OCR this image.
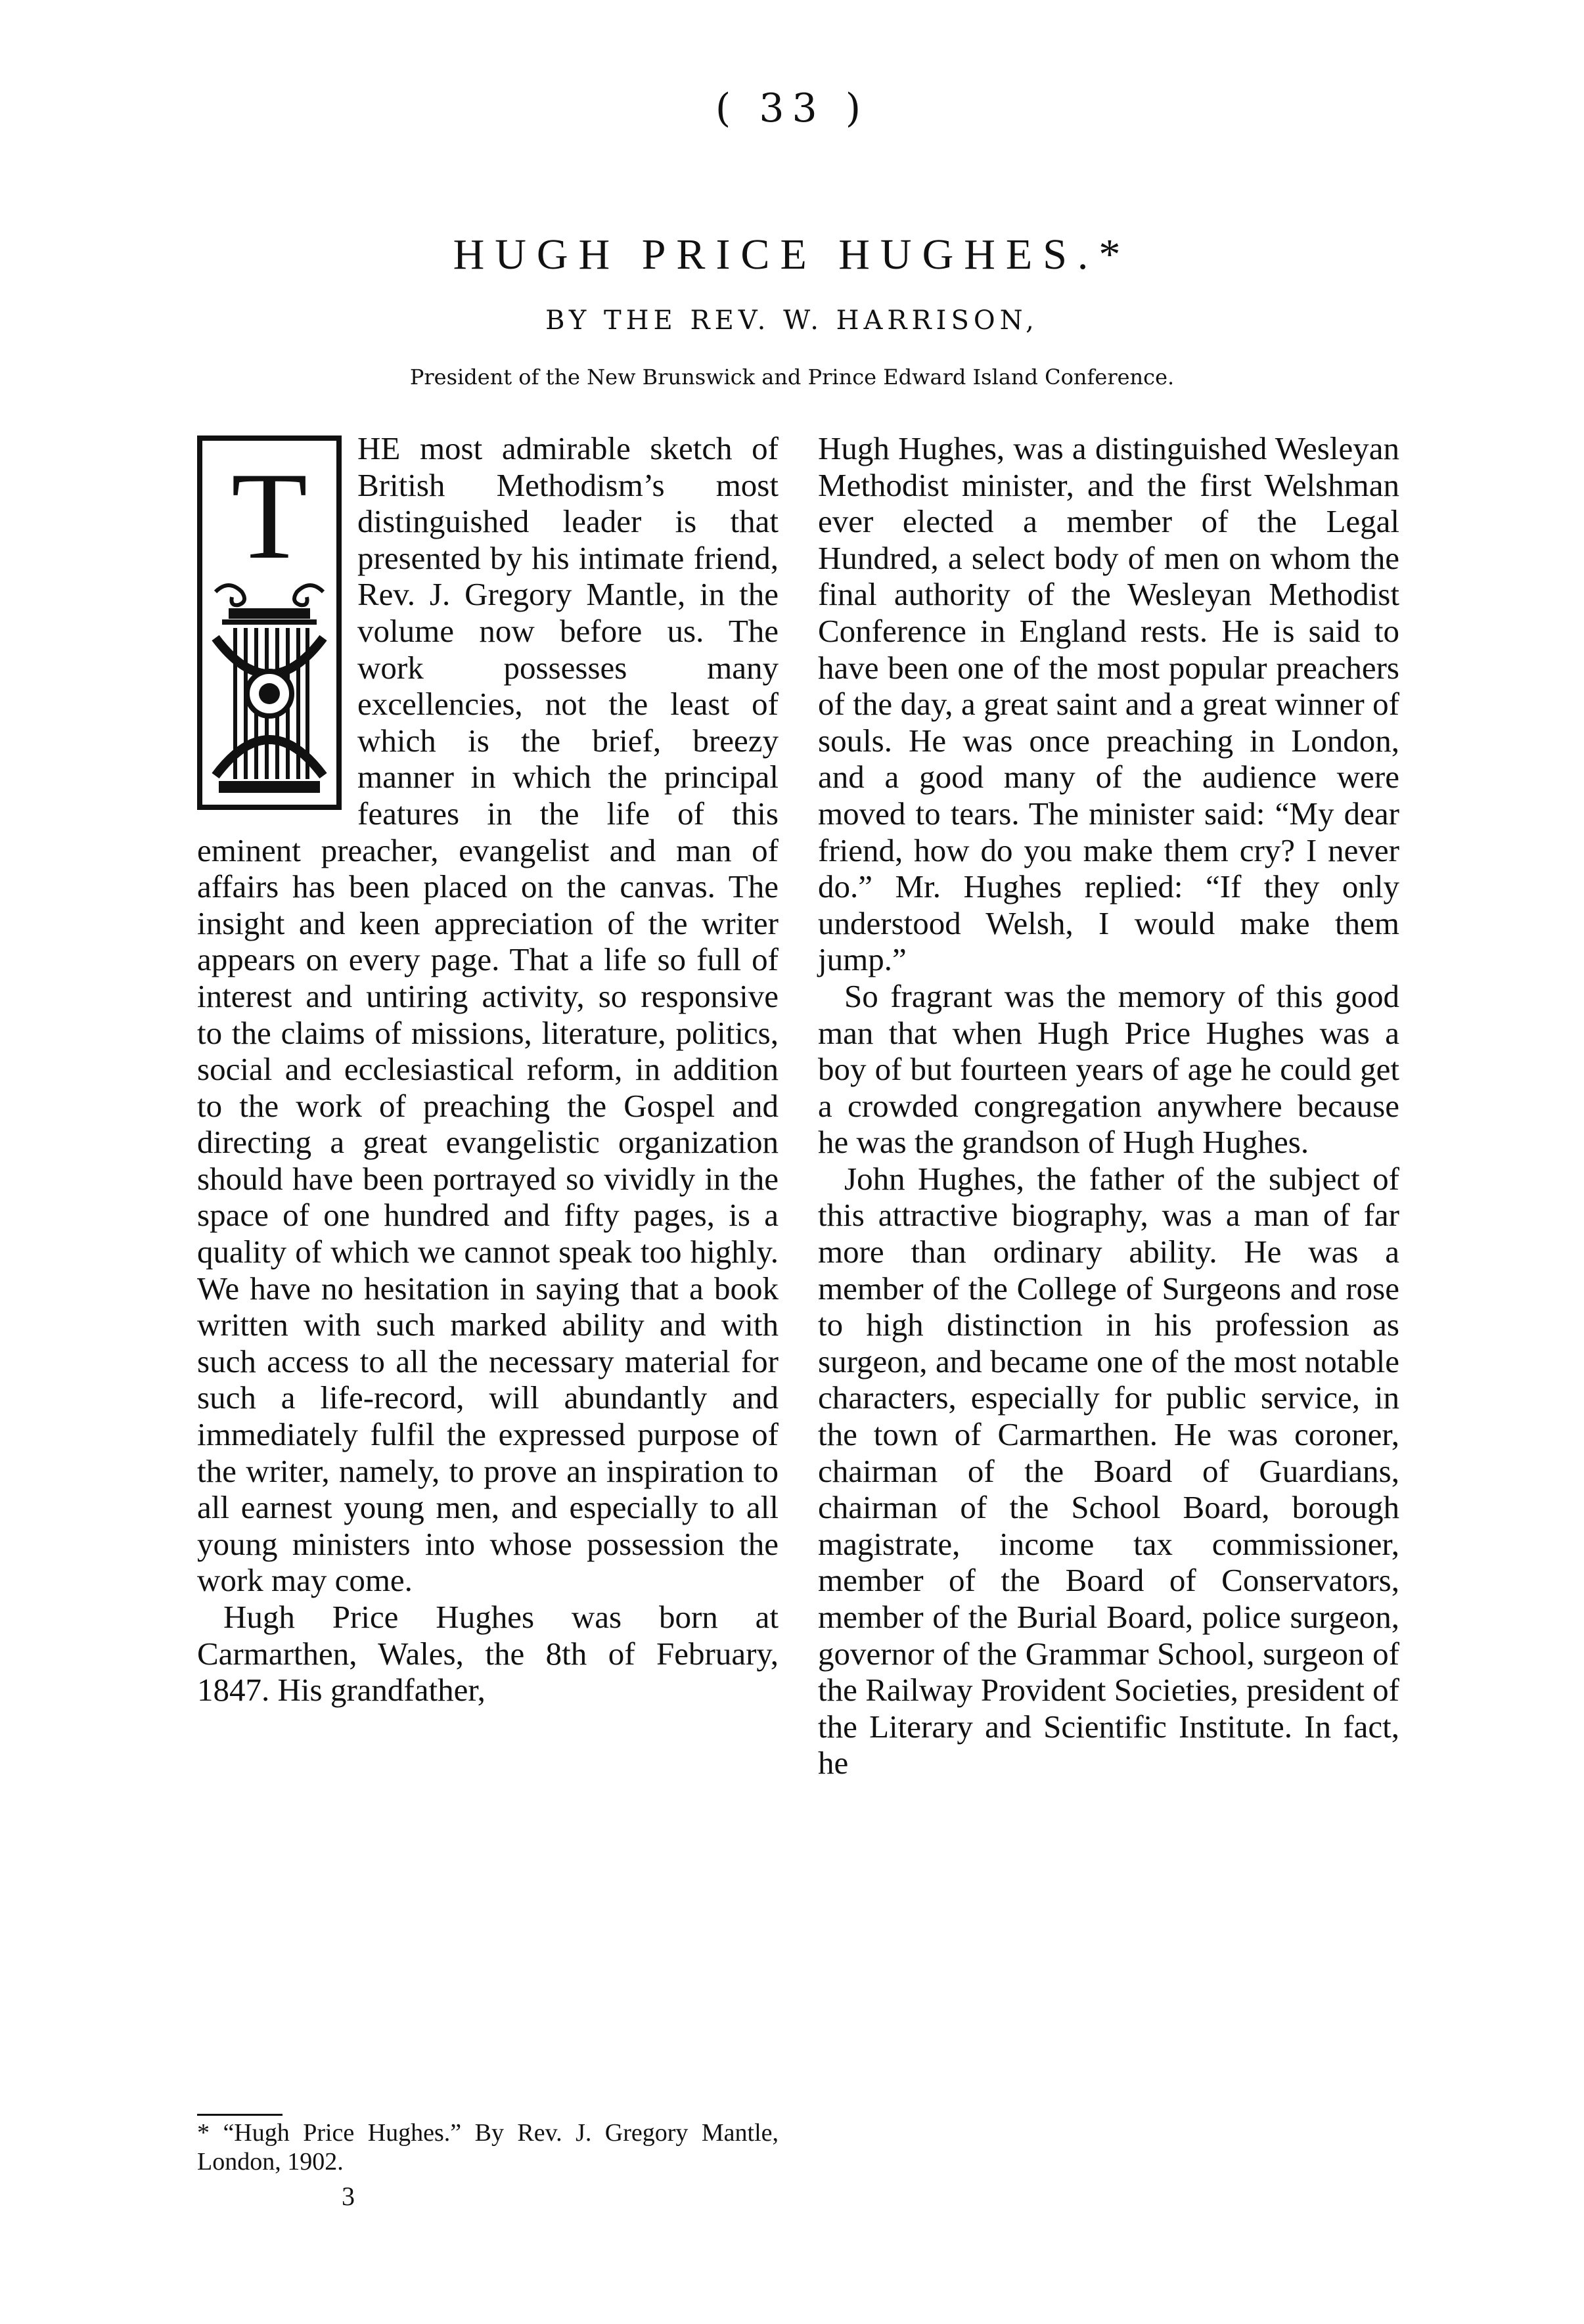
( 33 )
HUGH PRICE HUGHES.*
BY THE REV. W. HARRISON,
President of the New Brunswick and Prince Edward Island Conference.
T	HE most admirable sketch of British Methodism’s most distinguished leader is that presented by his intimate friend, Rev. J. Gregory Mantle, in the volume now before us. The work possesses many excellencies, not the least of which is the brief, breezy manner in which the principal features in the life of this eminent preacher, evangelist and man of affairs has been placed on the canvas. The insight and keen appreciation of the writer appears on every page. That a life so full of interest and untiring activity, so responsive to the claims of missions, literature, politics, social and ecclesiastical reform, in addition to the work of preaching the Gospel and directing a great evangelistic organization should have been portrayed so vividly in the space of one hundred and fifty pages, is a quality of which we cannot speak too highly. We have no hesitation in saying that a book written with such marked ability and with such access to all the necessary material for such a life-record, will abundantly and immediately fulfil the expressed purpose of the writer, namely, to prove an inspiration to all earnest young men, and especially to all young ministers into whose possession the work may come.

Hugh Price Hughes was born at Carmarthen, Wales, the 8th of February, 1847. His grandfather,

Hugh Hughes, was a distinguished Wesleyan Methodist minister, and the first Welshman ever elected a member of the Legal Hundred, a select body of men on whom the final authority of the Wesleyan Methodist Conference in England rests. He is said to have been one of the most popular preachers of the day, a great saint and a great winner of souls. He was once preaching in London, and a good many of the audience were moved to tears. The minister said: “My dear friend, how do you make them cry? I never do.” Mr. Hughes replied: “If they only understood Welsh, I would make them jump.”

So fragrant was the memory of this good man that when Hugh Price Hughes was a boy of but fourteen years of age he could get a crowded congregation anywhere because he was the grandson of Hugh Hughes.

John Hughes, the father of the subject of this attractive biography, was a man of far more than ordinary ability. He was a member of the College of Surgeons and rose to high distinction in his profession as surgeon, and became one of the most notable characters, especially for public service, in the town of Carmarthen. He was coroner, chairman of the Board of Guardians, chairman of the School Board, borough magistrate, income tax commissioner, member of the Board of Conservators, member of the Burial Board, police surgeon, governor of the Grammar School, surgeon of the Railway Provident Societies, president of the Literary and Scientific Institute. In fact, he

* “Hugh Price Hughes.” By Rev. J. Gregory Mantle, London, 1902.
3
